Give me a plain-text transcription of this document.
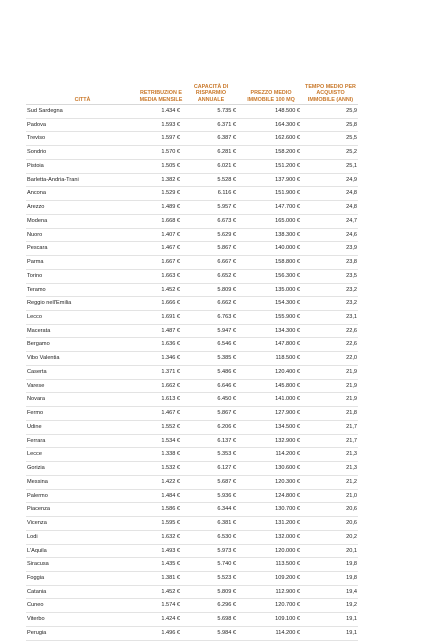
CITTÀ	RETRIBUZION E MEDIA MENSILE	CAPACITÀ DI RISPARMIO ANNUALE	PREZZO MEDIO IMMOBILE 100 MQ	TEMPO MEDIO PER ACQUISTO IMMOBILE (ANNI)
Sud Sardegna	1.434 €	5.735 €	148.500 €	25,9
Padova	1.593 €	6.371 €	164.300 €	25,8
Treviso	1.597 €	6.387 €	162.600 €	25,5
Sondrio	1.570 €	6.281 €	158.200 €	25,2
Pistoia	1.505 €	6.021 €	151.200 €	25,1
Barletta-Andria-Trani	1.382 €	5.528 €	137.900 €	24,9
Ancona	1.529 €	6.116 €	151.900 €	24,8
Arezzo	1.489 €	5.957 €	147.700 €	24,8
Modena	1.668 €	6.673 €	165.000 €	24,7
Nuoro	1.407 €	5.629 €	138.300 €	24,6
Pescara	1.467 €	5.867 €	140.000 €	23,9
Parma	1.667 €	6.667 €	158.800 €	23,8
Torino	1.663 €	6.652 €	156.300 €	23,5
Teramo	1.452 €	5.809 €	135.000 €	23,2
Reggio nell'Emilia	1.666 €	6.662 €	154.300 €	23,2
Lecco	1.691 €	6.763 €	155.900 €	23,1
Macerata	1.487 €	5.947 €	134.300 €	22,6
Bergamo	1.636 €	6.546 €	147.800 €	22,6
Vibo Valentia	1.346 €	5.385 €	118.500 €	22,0
Caserta	1.371 €	5.486 €	120.400 €	21,9
Varese	1.662 €	6.646 €	145.800 €	21,9
Novara	1.613 €	6.450 €	141.000 €	21,9
Fermo	1.467 €	5.867 €	127.900 €	21,8
Udine	1.552 €	6.206 €	134.500 €	21,7
Ferrara	1.534 €	6.137 €	132.900 €	21,7
Lecce	1.338 €	5.353 €	114.200 €	21,3
Gorizia	1.532 €	6.127 €	130.600 €	21,3
Messina	1.422 €	5.687 €	120.300 €	21,2
Palermo	1.484 €	5.936 €	124.800 €	21,0
Piacenza	1.586 €	6.344 €	130.700 €	20,6
Vicenza	1.595 €	6.381 €	131.200 €	20,6
Lodi	1.632 €	6.530 €	132.000 €	20,2
L'Aquila	1.493 €	5.973 €	120.000 €	20,1
Siracusa	1.435 €	5.740 €	113.500 €	19,8
Foggia	1.381 €	5.523 €	109.200 €	19,8
Catania	1.452 €	5.809 €	112.900 €	19,4
Cuneo	1.574 €	6.296 €	120.700 €	19,2
Viterbo	1.424 €	5.698 €	109.100 €	19,1
Perugia	1.496 €	5.984 €	114.200 €	19,1
